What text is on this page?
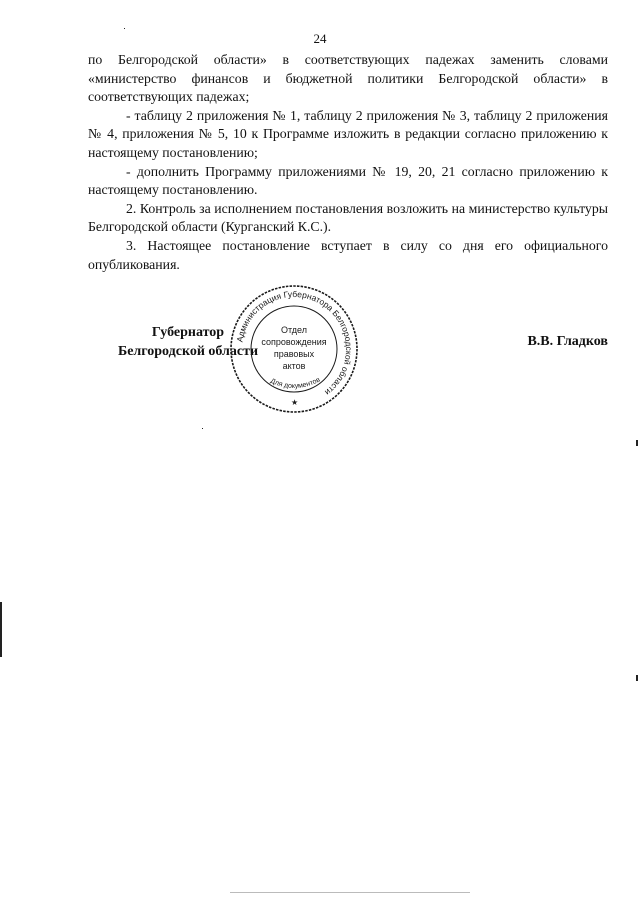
24

по Белгородской области» в соответствующих падежах заменить словами «министерство финансов и бюджетной политики Белгородской области» в соответствующих падежах;

- таблицу 2 приложения № 1, таблицу 2 приложения № 3, таблицу 2 приложения № 4, приложения № 5, 10 к Программе изложить в редакции согласно приложению к настоящему постановлению;

- дополнить Программу приложениями № 19, 20, 21 согласно приложению к настоящему постановлению.

2. Контроль за исполнением постановления возложить на министерство культуры Белгородской области (Курганский К.С.).

3. Настоящее постановление вступает в силу со дня его официального опубликования.

Губернатор
Белгородской области
Администрация Губернатора Белгородской области
Отдел
сопровождения
правовых
актов
Для документов
★
В.В. Гладков
